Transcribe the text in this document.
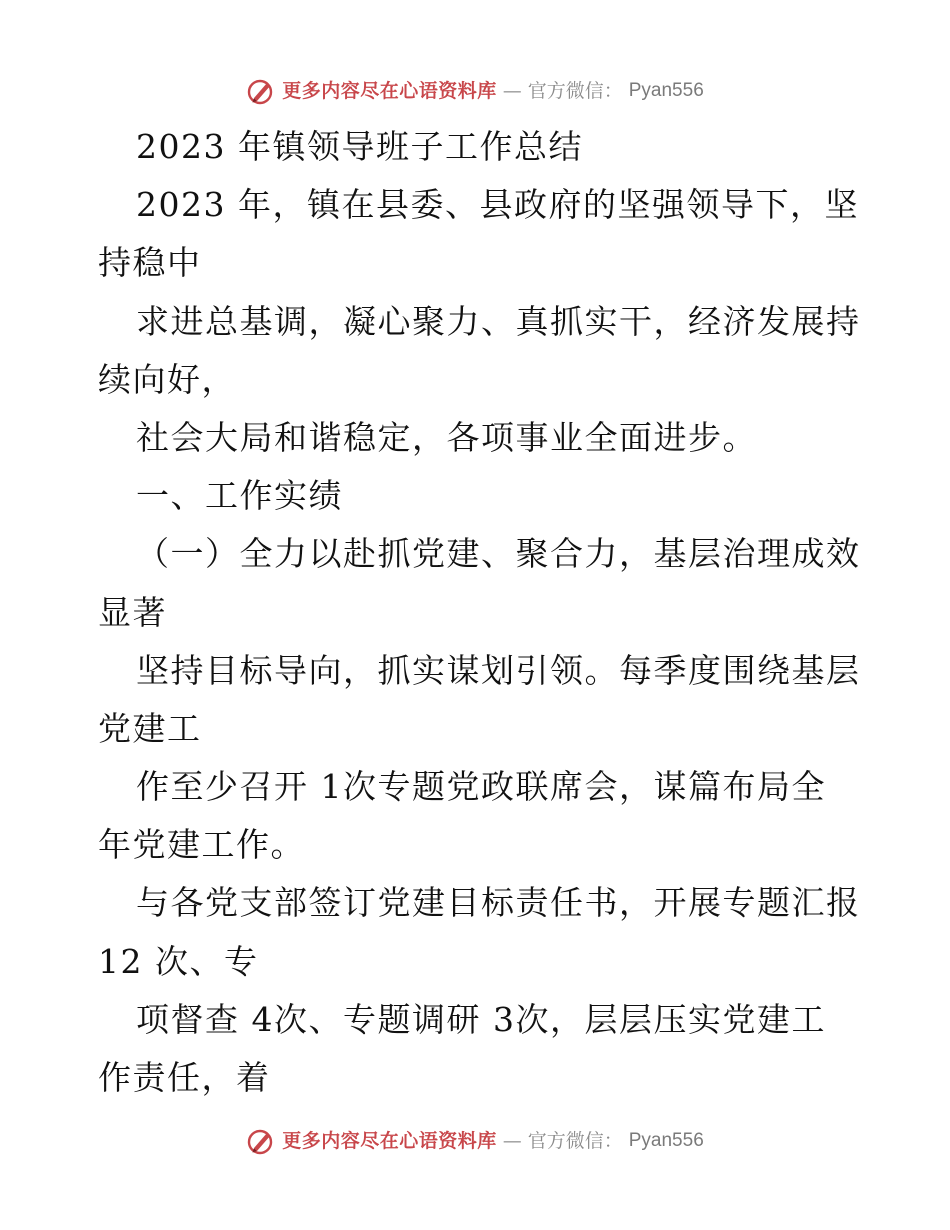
更多内容尽在心语资料库 — 官方微信： Pyan556
2023 年镇领导班子工作总结
2023 年，镇在县委、县政府的坚强领导下，坚
持稳中
求进总基调，凝心聚力、真抓实干，经济发展持
续向好，
社会大局和谐稳定，各项事业全面进步。
一、工作实绩
（一）全力以赴抓党建、聚合力，基层治理成效
显著
坚持目标导向，抓实谋划引领。每季度围绕基层
党建工
作至少召开 1次专题党政联席会，谋篇布局全
年党建工作。
与各党支部签订党建目标责任书，开展专题汇报
12 次、专
项督查 4次、专题调研 3次，层层压实党建工
作责任，着
更多内容尽在心语资料库 — 官方微信： Pyan556
